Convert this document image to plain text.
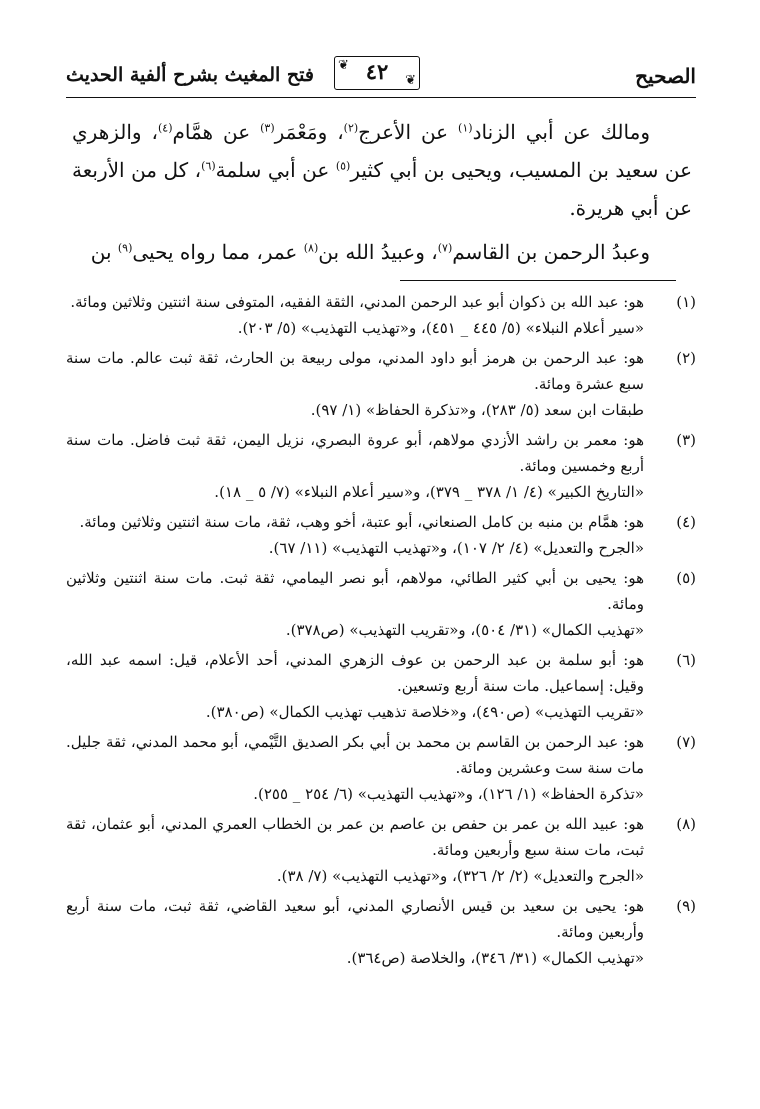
الصحيح
❦ ٤٢	❦
فتح المغيث بشرح ألفية الحديث

ومالك عن أبي الزناد$^{(١)}$ عن الأعرج$^{(٢)}$، ومَعْمَر$^{(٣)}$ عن همَّام$^{(٤)}$، والزهري عن سعيد بن المسيب، ويحيى بن أبي كثير$^{(٥)}$ عن أبي سلمة$^{(٦)}$، كل من الأربعة عن أبي هريرة.

وعبدُ الرحمن بن القاسم$^{(٧)}$، وعبيدُ الله بن$^{(٨)}$ عمر، مما رواه يحيى$^{(٩)}$ بن

(١)
هو: عبد الله بن ذكوان أبو عبد الرحمن المدني، الثقة الفقيه، المتوفى سنة اثنتين وثلاثين ومائة.
«سير أعلام النبلاء» (٥/ ٤٤٥ _ ٤٥١)، و«تهذيب التهذيب» (٥/ ٢٠٣).
(٢)
هو: عبد الرحمن بن هرمز أبو داود المدني، مولى ربيعة بن الحارث، ثقة ثبت عالم. مات سنة سبع عشرة ومائة.
طبقات ابن سعد (٥/ ٢٨٣)، و«تذكرة الحفاظ» (١/ ٩٧).
(٣)
هو: معمر بن راشد الأزدي مولاهم، أبو عروة البصري، نزيل اليمن، ثقة ثبت فاضل. مات سنة أربع وخمسين ومائة.
«التاريخ الكبير» (٤/ ١/ ٣٧٨ _ ٣٧٩)، و«سير أعلام النبلاء» (٧/ ٥ _ ١٨).
(٤)
هو: همَّام بن منبه بن كامل الصنعاني، أبو عتبة، أخو وهب، ثقة، مات سنة اثنتين وثلاثين ومائة.
«الجرح والتعديل» (٤/ ٢/ ١٠٧)، و«تهذيب التهذيب» (١١/ ٦٧).
(٥)
هو: يحيى بن أبي كثير الطائي، مولاهم، أبو نصر اليمامي، ثقة ثبت. مات سنة اثنتين وثلاثين ومائة.
«تهذيب الكمال» (٣١/ ٥٠٤)، و«تقريب التهذيب» (ص٣٧٨).
(٦)
هو: أبو سلمة بن عبد الرحمن بن عوف الزهري المدني، أحد الأعلام، قيل: اسمه عبد الله، وقيل: إسماعيل. مات سنة أربع وتسعين.
«تقريب التهذيب» (ص٤٩٠)، و«خلاصة تذهيب تهذيب الكمال» (ص٣٨٠).
(٧)
هو: عبد الرحمن بن القاسم بن محمد بن أبي بكر الصديق التَّيْمي، أبو محمد المدني، ثقة جليل. مات سنة ست وعشرين ومائة.
«تذكرة الحفاظ» (١/ ١٢٦)، و«تهذيب التهذيب» (٦/ ٢٥٤ _ ٢٥٥).
(٨)
هو: عبيد الله بن عمر بن حفص بن عاصم بن عمر بن الخطاب العمري المدني، أبو عثمان، ثقة ثبت، مات سنة سبع وأربعين ومائة.
«الجرح والتعديل» (٢/ ٢/ ٣٢٦)، و«تهذيب التهذيب» (٧/ ٣٨).
(٩)
هو: يحيى بن سعيد بن قيس الأنصاري المدني، أبو سعيد القاضي، ثقة ثبت، مات سنة أربع وأربعين ومائة.
«تهذيب الكمال» (٣١/ ٣٤٦)، والخلاصة (ص٣٦٤).
